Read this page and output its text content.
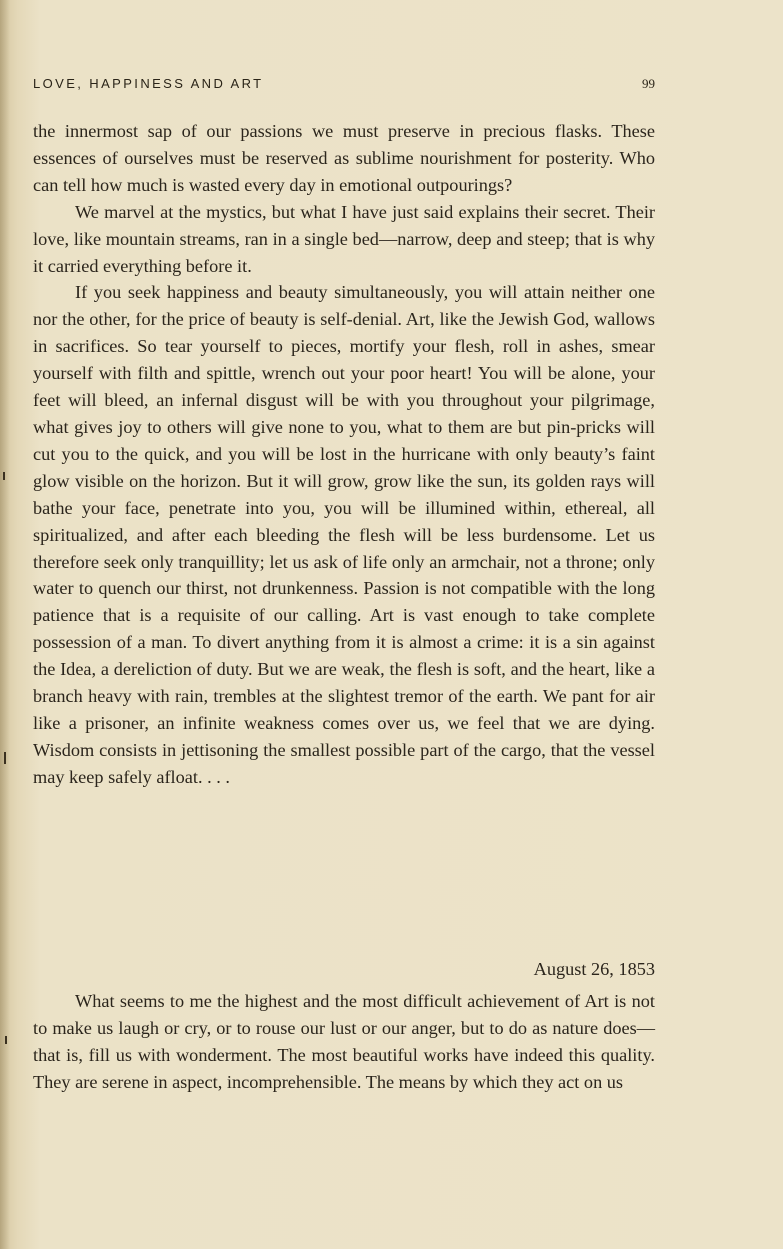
LOVE, HAPPINESS AND ART	99

the innermost sap of our passions we must preserve in precious flasks. These essences of ourselves must be reserved as sublime nourishment for posterity. Who can tell how much is wasted every day in emotional outpourings?

We marvel at the mystics, but what I have just said explains their secret. Their love, like mountain streams, ran in a single bed—narrow, deep and steep; that is why it carried everything before it.

If you seek happiness and beauty simultaneously, you will attain neither one nor the other, for the price of beauty is self-denial. Art, like the Jewish God, wallows in sacrifices. So tear yourself to pieces, mortify your flesh, roll in ashes, smear yourself with filth and spittle, wrench out your poor heart! You will be alone, your feet will bleed, an infernal disgust will be with you throughout your pilgrimage, what gives joy to others will give none to you, what to them are but pin-pricks will cut you to the quick, and you will be lost in the hurricane with only beauty’s faint glow visible on the horizon. But it will grow, grow like the sun, its golden rays will bathe your face, penetrate into you, you will be illumined within, ethereal, all spiritualized, and after each bleeding the flesh will be less burdensome. Let us therefore seek only tranquillity; let us ask of life only an armchair, not a throne; only water to quench our thirst, not drunkenness. Passion is not compatible with the long patience that is a requisite of our calling. Art is vast enough to take complete possession of a man. To divert anything from it is almost a crime: it is a sin against the Idea, a dereliction of duty. But we are weak, the flesh is soft, and the heart, like a branch heavy with rain, trembles at the slightest tremor of the earth. We pant for air like a prisoner, an infinite weakness comes over us, we feel that we are dying. Wisdom consists in jettisoning the smallest possible part of the cargo, that the vessel may keep safely afloat. . . .

August 26, 1853

What seems to me the highest and the most difficult achievement of Art is not to make us laugh or cry, or to rouse our lust or our anger, but to do as nature does—that is, fill us with wonderment. The most beautiful works have indeed this quality. They are serene in aspect, incomprehensible. The means by which they act on us
